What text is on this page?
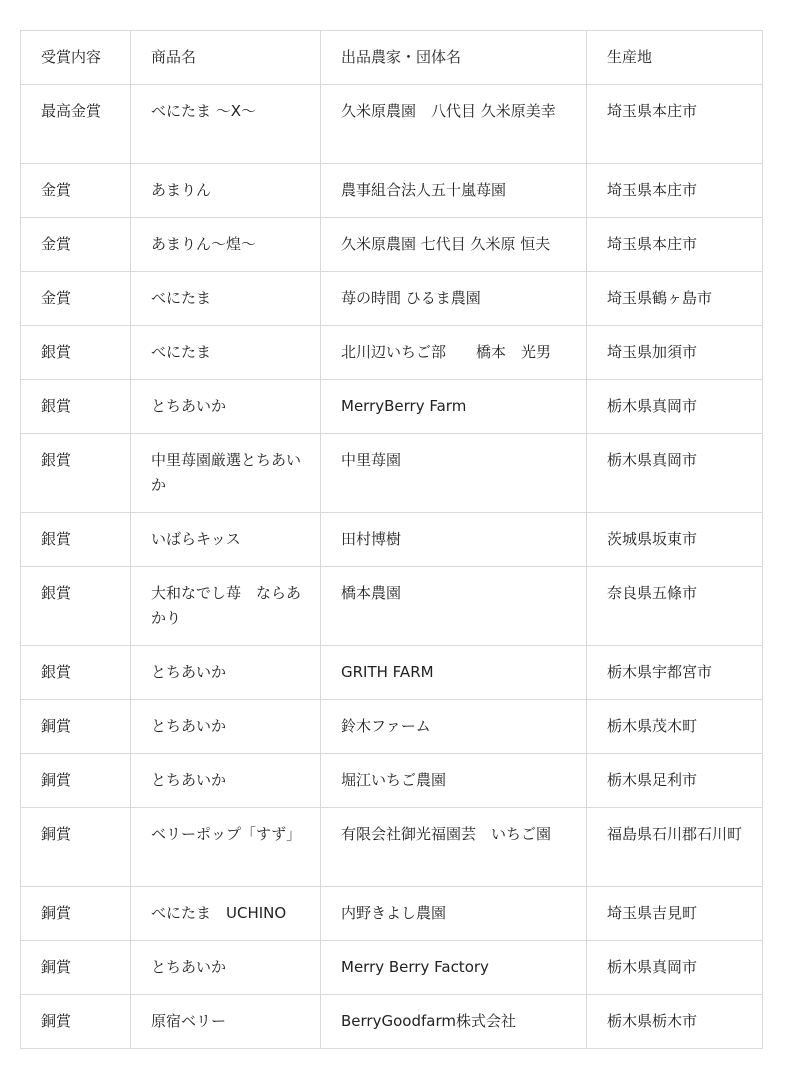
受賞内容	商品名	出品農家・団体名	生産地
最高金賞	べにたま ～X～	久米原農園　八代目 久米原美幸	埼玉県本庄市
金賞	あまりん	農事組合法人五十嵐苺園	埼玉県本庄市
金賞	あまりん～煌～	久米原農園 七代目 久米原 恒夫	埼玉県本庄市
金賞	べにたま	苺の時間 ひるま農園	埼玉県鶴ヶ島市
銀賞	べにたま	北川辺いちご部　　橋本　光男	埼玉県加須市
銀賞	とちあいか	MerryBerry Farm	栃木県真岡市
銀賞	中里苺園厳選とちあいか	中里苺園	栃木県真岡市
銀賞	いばらキッス	田村博樹	茨城県坂東市
銀賞	大和なでし苺　ならあかり	橋本農園	奈良県五條市
銀賞	とちあいか	GRITH FARM	栃木県宇都宮市
銅賞	とちあいか	鈴木ファーム	栃木県茂木町
銅賞	とちあいか	堀江いちご農園	栃木県足利市
銅賞	ベリーポップ「すず」	有限会社御光福園芸　いちご園	福島県石川郡石川町
銅賞	べにたま　UCHINO	内野きよし農園	埼玉県吉見町
銅賞	とちあいか	Merry Berry Factory	栃木県真岡市
銅賞	原宿ベリー	BerryGoodfarm株式会社	栃木県栃木市
